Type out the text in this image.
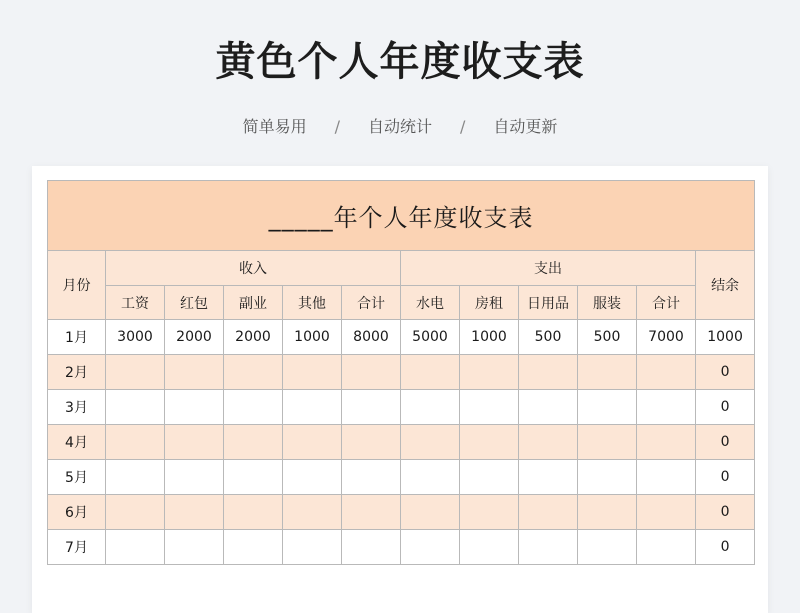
黄色个人年度收支表
简单易用 / 自动统计 / 自动更新
_____年个人年度收支表											
月份	收入					支出					结余
	工资	红包	副业	其他	合计	水电	房租	日用品	服装	合计	
1月	3000	2000	2000	1000	8000	5000	1000	500	500	7000	1000
2月											0
3月											0
4月											0
5月											0
6月											0
7月											0
